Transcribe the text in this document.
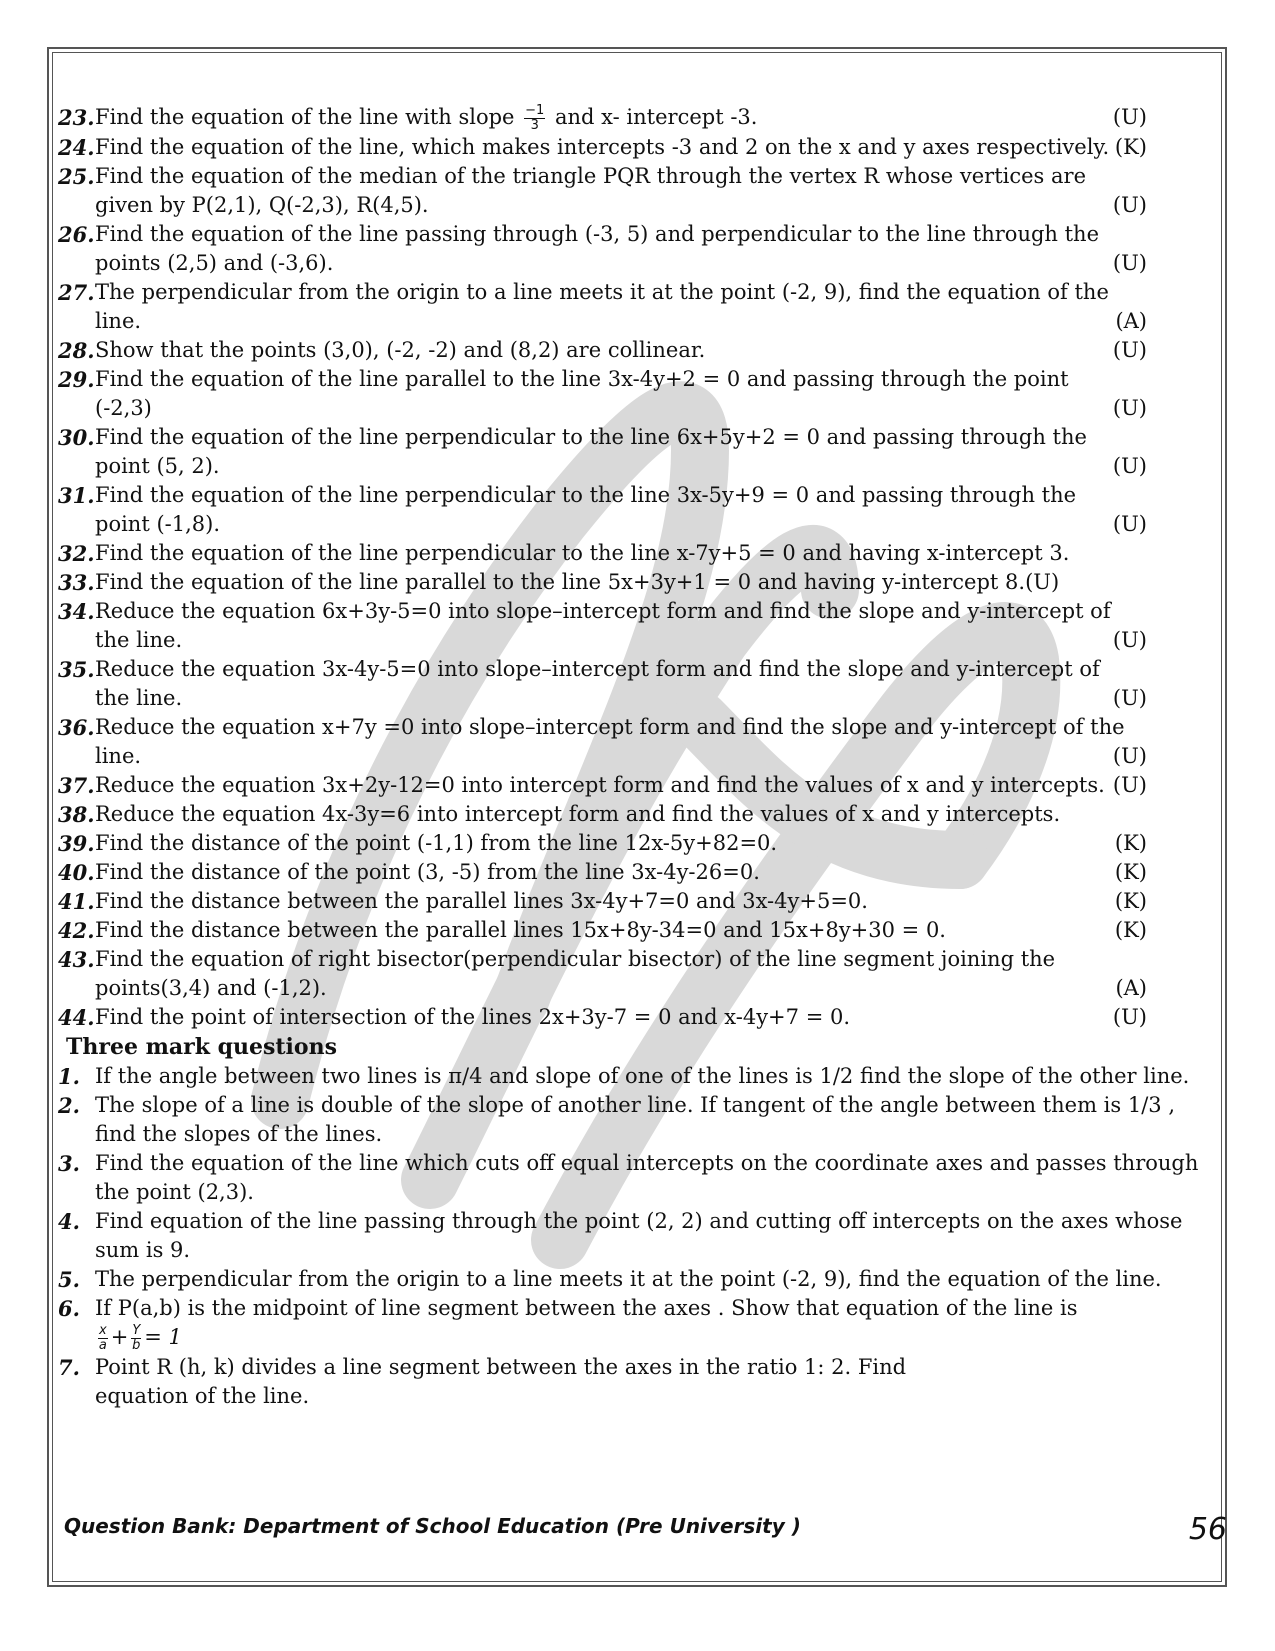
23. Find the equation of the line with slope $\frac{-1}{3}$ and x- intercept -3.	(U)
24. Find the equation of the line, which makes intercepts -3 and 2 on the x and y axes respectively. (K)
25. Find the equation of the median of the triangle PQR through the vertex R whose vertices are given by P(2,1), Q(-2,3), R(4,5).	(U)
26. Find the equation of the line passing through (-3, 5) and perpendicular to the line through the points (2,5) and (-3,6).	(U)
27. The perpendicular from the origin to a line meets it at the point (-2, 9), find the equation of the line.	(A)
28. Show that the points (3,0), (-2, -2) and (8,2) are collinear.	(U)
29. Find the equation of the line parallel to the line 3x-4y+2 = 0 and passing through the point (-2,3)	(U)
30. Find the equation of the line perpendicular to the line 6x+5y+2 = 0 and passing through the point (5, 2).	(U)
31. Find the equation of the line perpendicular to the line 3x-5y+9 = 0 and passing through the point (-1,8).	(U)
32. Find the equation of the line perpendicular to the line x-7y+5 = 0 and having x-intercept 3.
33. Find the equation of the line parallel to the line 5x+3y+1 = 0 and having y-intercept 8.(U)
34. Reduce the equation 6x+3y-5=0 into slope–intercept form and find the slope and y-intercept of the line.	(U)
35. Reduce the equation 3x-4y-5=0 into slope–intercept form and find the slope and y-intercept of the line.	(U)
36. Reduce the equation x+7y =0 into slope–intercept form and find the slope and y-intercept of the line.	(U)
37. Reduce the equation 3x+2y-12=0 into intercept form and find the values of x and y intercepts. (U)
38. Reduce the equation 4x-3y=6 into intercept form and find the values of x and y intercepts.
39. Find the distance of the point (-1,1) from the line 12x-5y+82=0.	(K)
40. Find the distance of the point (3, -5) from the line 3x-4y-26=0.	(K)
41. Find the distance between the parallel lines 3x-4y+7=0 and 3x-4y+5=0.	(K)
42. Find the distance between the parallel lines 15x+8y-34=0 and 15x+8y+30 = 0.	(K)
43. Find the equation of right bisector(perpendicular bisector) of the line segment joining the points(3,4) and (-1,2).	(A)
44. Find the point of intersection of the lines 2x+3y-7 = 0 and x-4y+7 = 0.	(U)
Three mark questions
1. If the angle between two lines is π/4 and slope of one of the lines is 1/2 find the slope of the other line.
2. The slope of a line is double of the slope of another line. If tangent of the angle between them is 1/3 , find the slopes of the lines.
3. Find the equation of the line which cuts off equal intercepts on the coordinate axes and passes through the point (2,3).
4. Find equation of the line passing through the point (2, 2) and cutting off intercepts on the axes whose sum is 9.
5. The perpendicular from the origin to a line meets it at the point (-2, 9), find the equation of the line.
6. If P(a,b) is the midpoint of line segment between the axes . Show that equation of the line is

$\frac{x}{a} + \frac{Y}{b} = 1$
7. Point R (h, k) divides a line segment between the axes in the ratio 1: 2. Find equation of the line.
Question Bank: Department of School Education (Pre University )	56
